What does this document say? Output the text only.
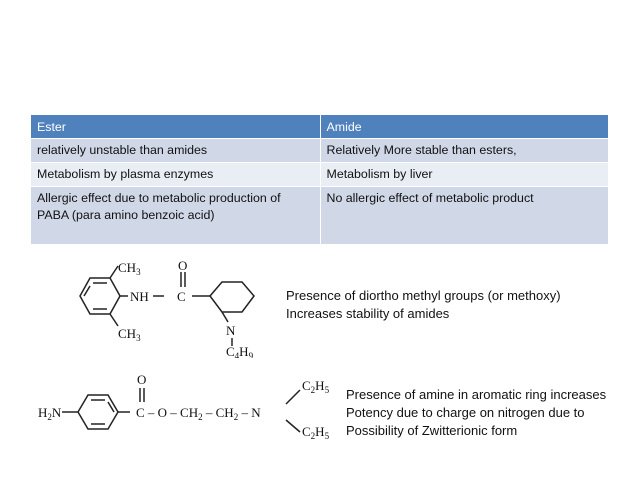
Ester	Amide
relatively unstable than amides	Relatively More stable than esters,
Metabolism by plasma enzymes	Metabolism by liver
Allergic effect due to metabolic production of PABA (para amino benzoic acid)	No allergic effect of metabolic product
$CH_3$
NH
O
C
$CH_3$	N
$C_4H_9$
$H_2N$
O
C – O – $CH_2 - CH_2$ – N
$C_2H_5$
$C_2H_5$
Presence of diortho methyl groups (or methoxy)
Increases stability of amides
Presence of amine in aromatic ring increases
Potency due to charge on nitrogen due to
Possibility of Zwitterionic form
